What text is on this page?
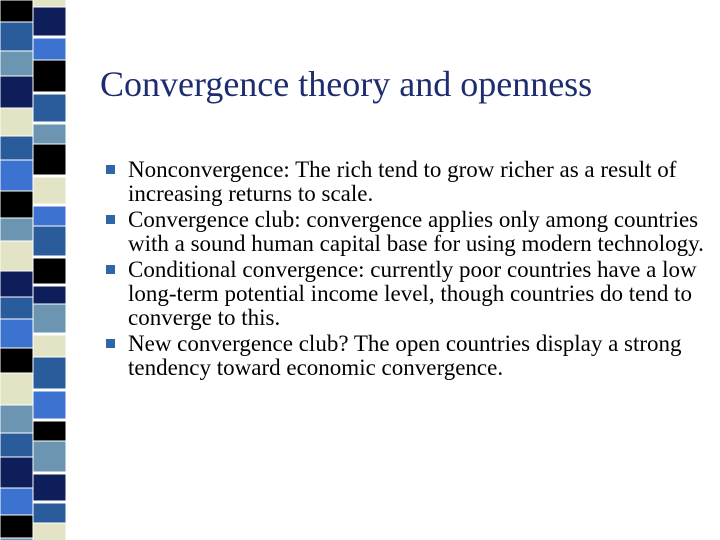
Convergence theory and openness
Nonconvergence: The rich tend to grow richer as a result of increasing returns to scale.
Convergence club: convergence applies only among countries with a sound human capital base for using modern technology.
Conditional convergence: currently poor countries have a low long-term potential income level, though countries do tend to converge to this.
New convergence club? The open countries display a strong tendency toward economic convergence.
